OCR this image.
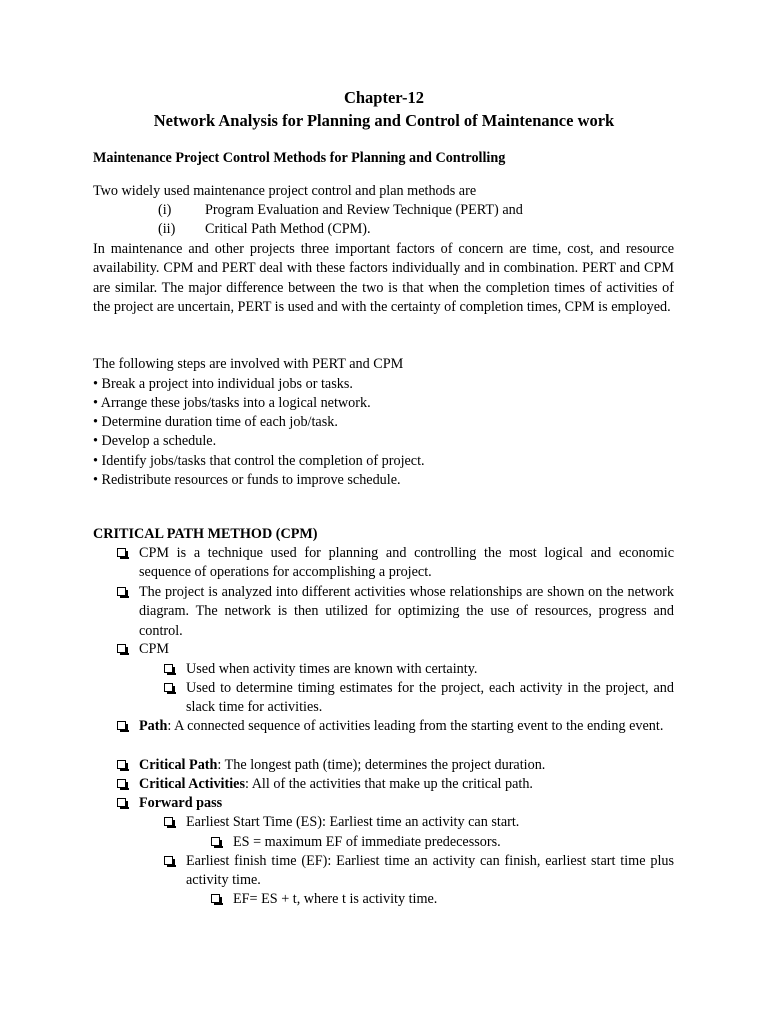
Chapter-12

Network Analysis for Planning and Control of Maintenance work

Maintenance Project Control Methods for Planning and Controlling

Two widely used maintenance project control and plan methods are

(i) Program Evaluation and Review Technique (PERT) and
(ii) Critical Path Method (CPM).

In maintenance and other projects three important factors of concern are time, cost, and resource availability. CPM and PERT deal with these factors individually and in combination. PERT and CPM are similar. The major difference between the two is that when the completion times of activities of the project are uncertain, PERT is used and with the certainty of completion times, CPM is employed.

The following steps are involved with PERT and CPM

• Break a project into individual jobs or tasks.

• Arrange these jobs/tasks into a logical network.

• Determine duration time of each job/task.

• Develop a schedule.

• Identify jobs/tasks that control the completion of project.

• Redistribute resources or funds to improve schedule.

CRITICAL PATH METHOD (CPM)

CPM is a technique used for planning and controlling the most logical and economic sequence of operations for accomplishing a project.
The project is analyzed into different activities whose relationships are shown on the network diagram. The network is then utilized for optimizing the use of resources, progress and control.
CPM
Used when activity times are known with certainty.
Used to determine timing estimates for the project, each activity in the project, and slack time for activities.
Path: A connected sequence of activities leading from the starting event to the ending event.
Critical Path: The longest path (time); determines the project duration.
Critical Activities: All of the activities that make up the critical path.
Forward pass
Earliest Start Time (ES): Earliest time an activity can start.
ES = maximum EF of immediate predecessors.
Earliest finish time (EF): Earliest time an activity can finish, earliest start time plus activity time.
EF= ES + t, where t is activity time.
